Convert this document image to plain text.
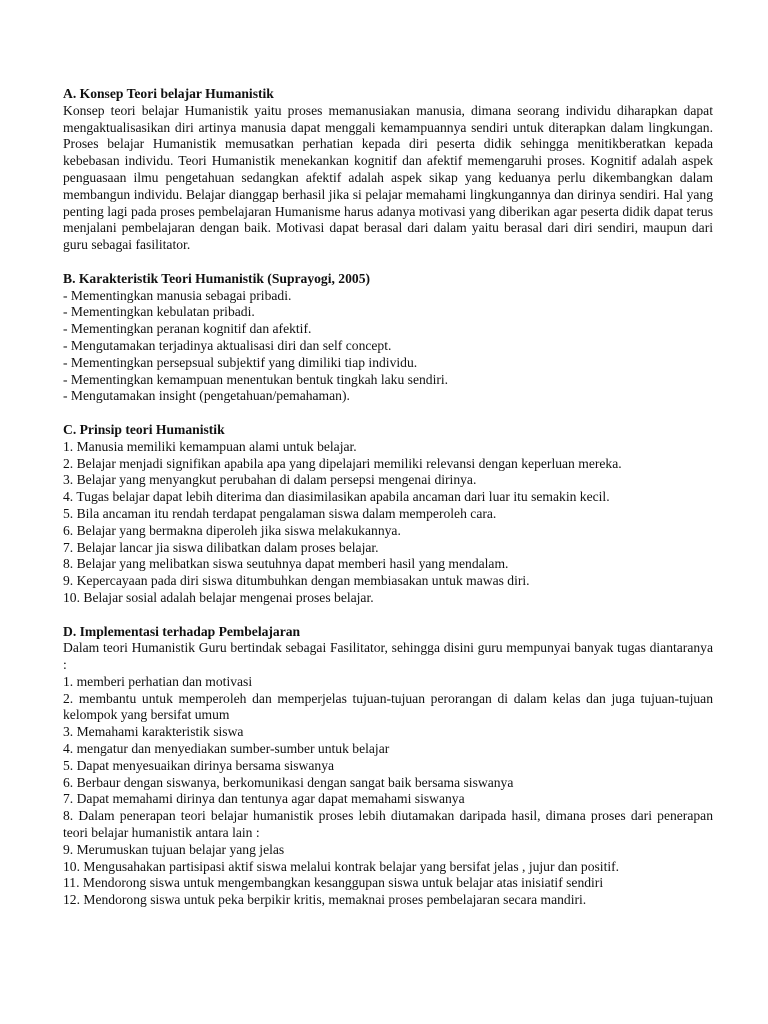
A. Konsep Teori belajar Humanistik

Konsep teori belajar Humanistik yaitu proses memanusiakan manusia, dimana seorang individu diharapkan dapat mengaktualisasikan diri artinya manusia dapat menggali kemampuannya sendiri untuk diterapkan dalam lingkungan. Proses belajar Humanistik memusatkan perhatian kepada diri peserta didik sehingga menitikberatkan kepada kebebasan individu. Teori Humanistik menekankan kognitif dan afektif memengaruhi proses. Kognitif adalah aspek penguasaan ilmu pengetahuan sedangkan afektif adalah aspek sikap yang keduanya perlu dikembangkan dalam membangun individu. Belajar dianggap berhasil jika si pelajar memahami lingkungannya dan dirinya sendiri. Hal yang penting lagi pada proses pembelajaran Humanisme harus adanya motivasi yang diberikan agar peserta didik dapat terus menjalani pembelajaran dengan baik. Motivasi dapat berasal dari dalam yaitu berasal dari diri sendiri, maupun dari guru sebagai fasilitator.

B. Karakteristik Teori Humanistik (Suprayogi, 2005)

- Mementingkan manusia sebagai pribadi.
- Mementingkan kebulatan pribadi.
- Mementingkan peranan kognitif dan afektif.
- Mengutamakan terjadinya aktualisasi diri dan self concept.
- Mementingkan persepsual subjektif yang dimiliki tiap individu.
- Mementingkan kemampuan menentukan bentuk tingkah laku sendiri.
- Mengutamakan insight (pengetahuan/pemahaman).

C. Prinsip teori Humanistik

1. Manusia memiliki kemampuan alami untuk belajar.
2. Belajar menjadi signifikan apabila apa yang dipelajari memiliki relevansi dengan keperluan mereka.
3. Belajar yang menyangkut perubahan di dalam persepsi mengenai dirinya.
4. Tugas belajar dapat lebih diterima dan diasimilasikan apabila ancaman dari luar itu semakin kecil.
5. Bila ancaman itu rendah terdapat pengalaman siswa dalam memperoleh cara.
6. Belajar yang bermakna diperoleh jika siswa melakukannya.
7. Belajar lancar jia siswa dilibatkan dalam proses belajar.
8. Belajar yang melibatkan siswa seutuhnya dapat memberi hasil yang mendalam.
9. Kepercayaan pada diri siswa ditumbuhkan dengan membiasakan untuk mawas diri.
10. Belajar sosial adalah belajar mengenai proses belajar.

D. Implementasi terhadap Pembelajaran

Dalam teori Humanistik Guru bertindak sebagai Fasilitator, sehingga disini guru mempunyai banyak tugas diantaranya :

1. memberi perhatian dan motivasi
2. membantu untuk memperoleh dan memperjelas tujuan-tujuan perorangan di dalam kelas dan juga tujuan-tujuan kelompok yang bersifat umum
3. Memahami karakteristik siswa
4. mengatur dan menyediakan sumber-sumber untuk belajar
5. Dapat menyesuaikan dirinya bersama siswanya
6. Berbaur dengan siswanya, berkomunikasi dengan sangat baik bersama siswanya
7. Dapat memahami dirinya dan tentunya agar dapat memahami siswanya
8. Dalam penerapan teori belajar humanistik proses lebih diutamakan daripada hasil, dimana proses dari penerapan teori belajar humanistik antara lain :
9. Merumuskan tujuan belajar yang jelas
10. Mengusahakan partisipasi aktif siswa melalui kontrak belajar yang bersifat jelas , jujur dan positif.
11. Mendorong siswa untuk mengembangkan kesanggupan siswa untuk belajar atas inisiatif sendiri
12. Mendorong siswa untuk peka berpikir kritis, memaknai proses pembelajaran secara mandiri.
